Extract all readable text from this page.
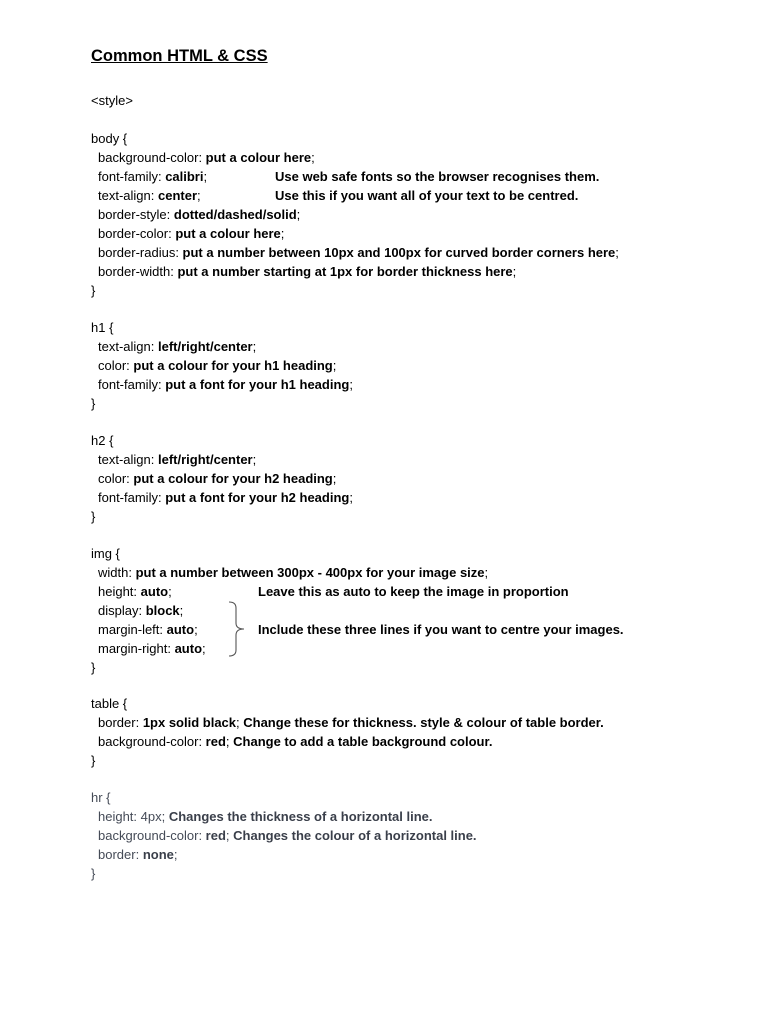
Common HTML & CSS
<style>
body {
background-color: put a colour here;
font-family: calibri;	Use web safe fonts so the browser recognises them.
text-align: center;	Use this if you want all of your text to be centred.
border-style: dotted/dashed/solid;
border-color: put a colour here;
border-radius: put a number between 10px and 100px for curved border corners here;
border-width: put a number starting at 1px for border thickness here;
}
h1 {
text-align: left/right/center;
color: put a colour for your h1 heading;
font-family: put a font for your h1 heading;
}
h2 {
text-align: left/right/center;
color: put a colour for your h2 heading;
font-family: put a font for your h2 heading;
}
img {
width: put a number between 300px - 400px for your image size;
height: auto;	Leave this as auto to keep the image in proportion
display: block;
margin-left: auto;	Include these three lines if you want to centre your images.
margin-right: auto;
}
table {
border: 1px solid black; Change these for thickness. style & colour of table border.
background-color: red; Change to add a table background colour.
}
hr {
height: 4px; Changes the thickness of a horizontal line.
background-color: red; Changes the colour of a horizontal line.
border: none;
}
